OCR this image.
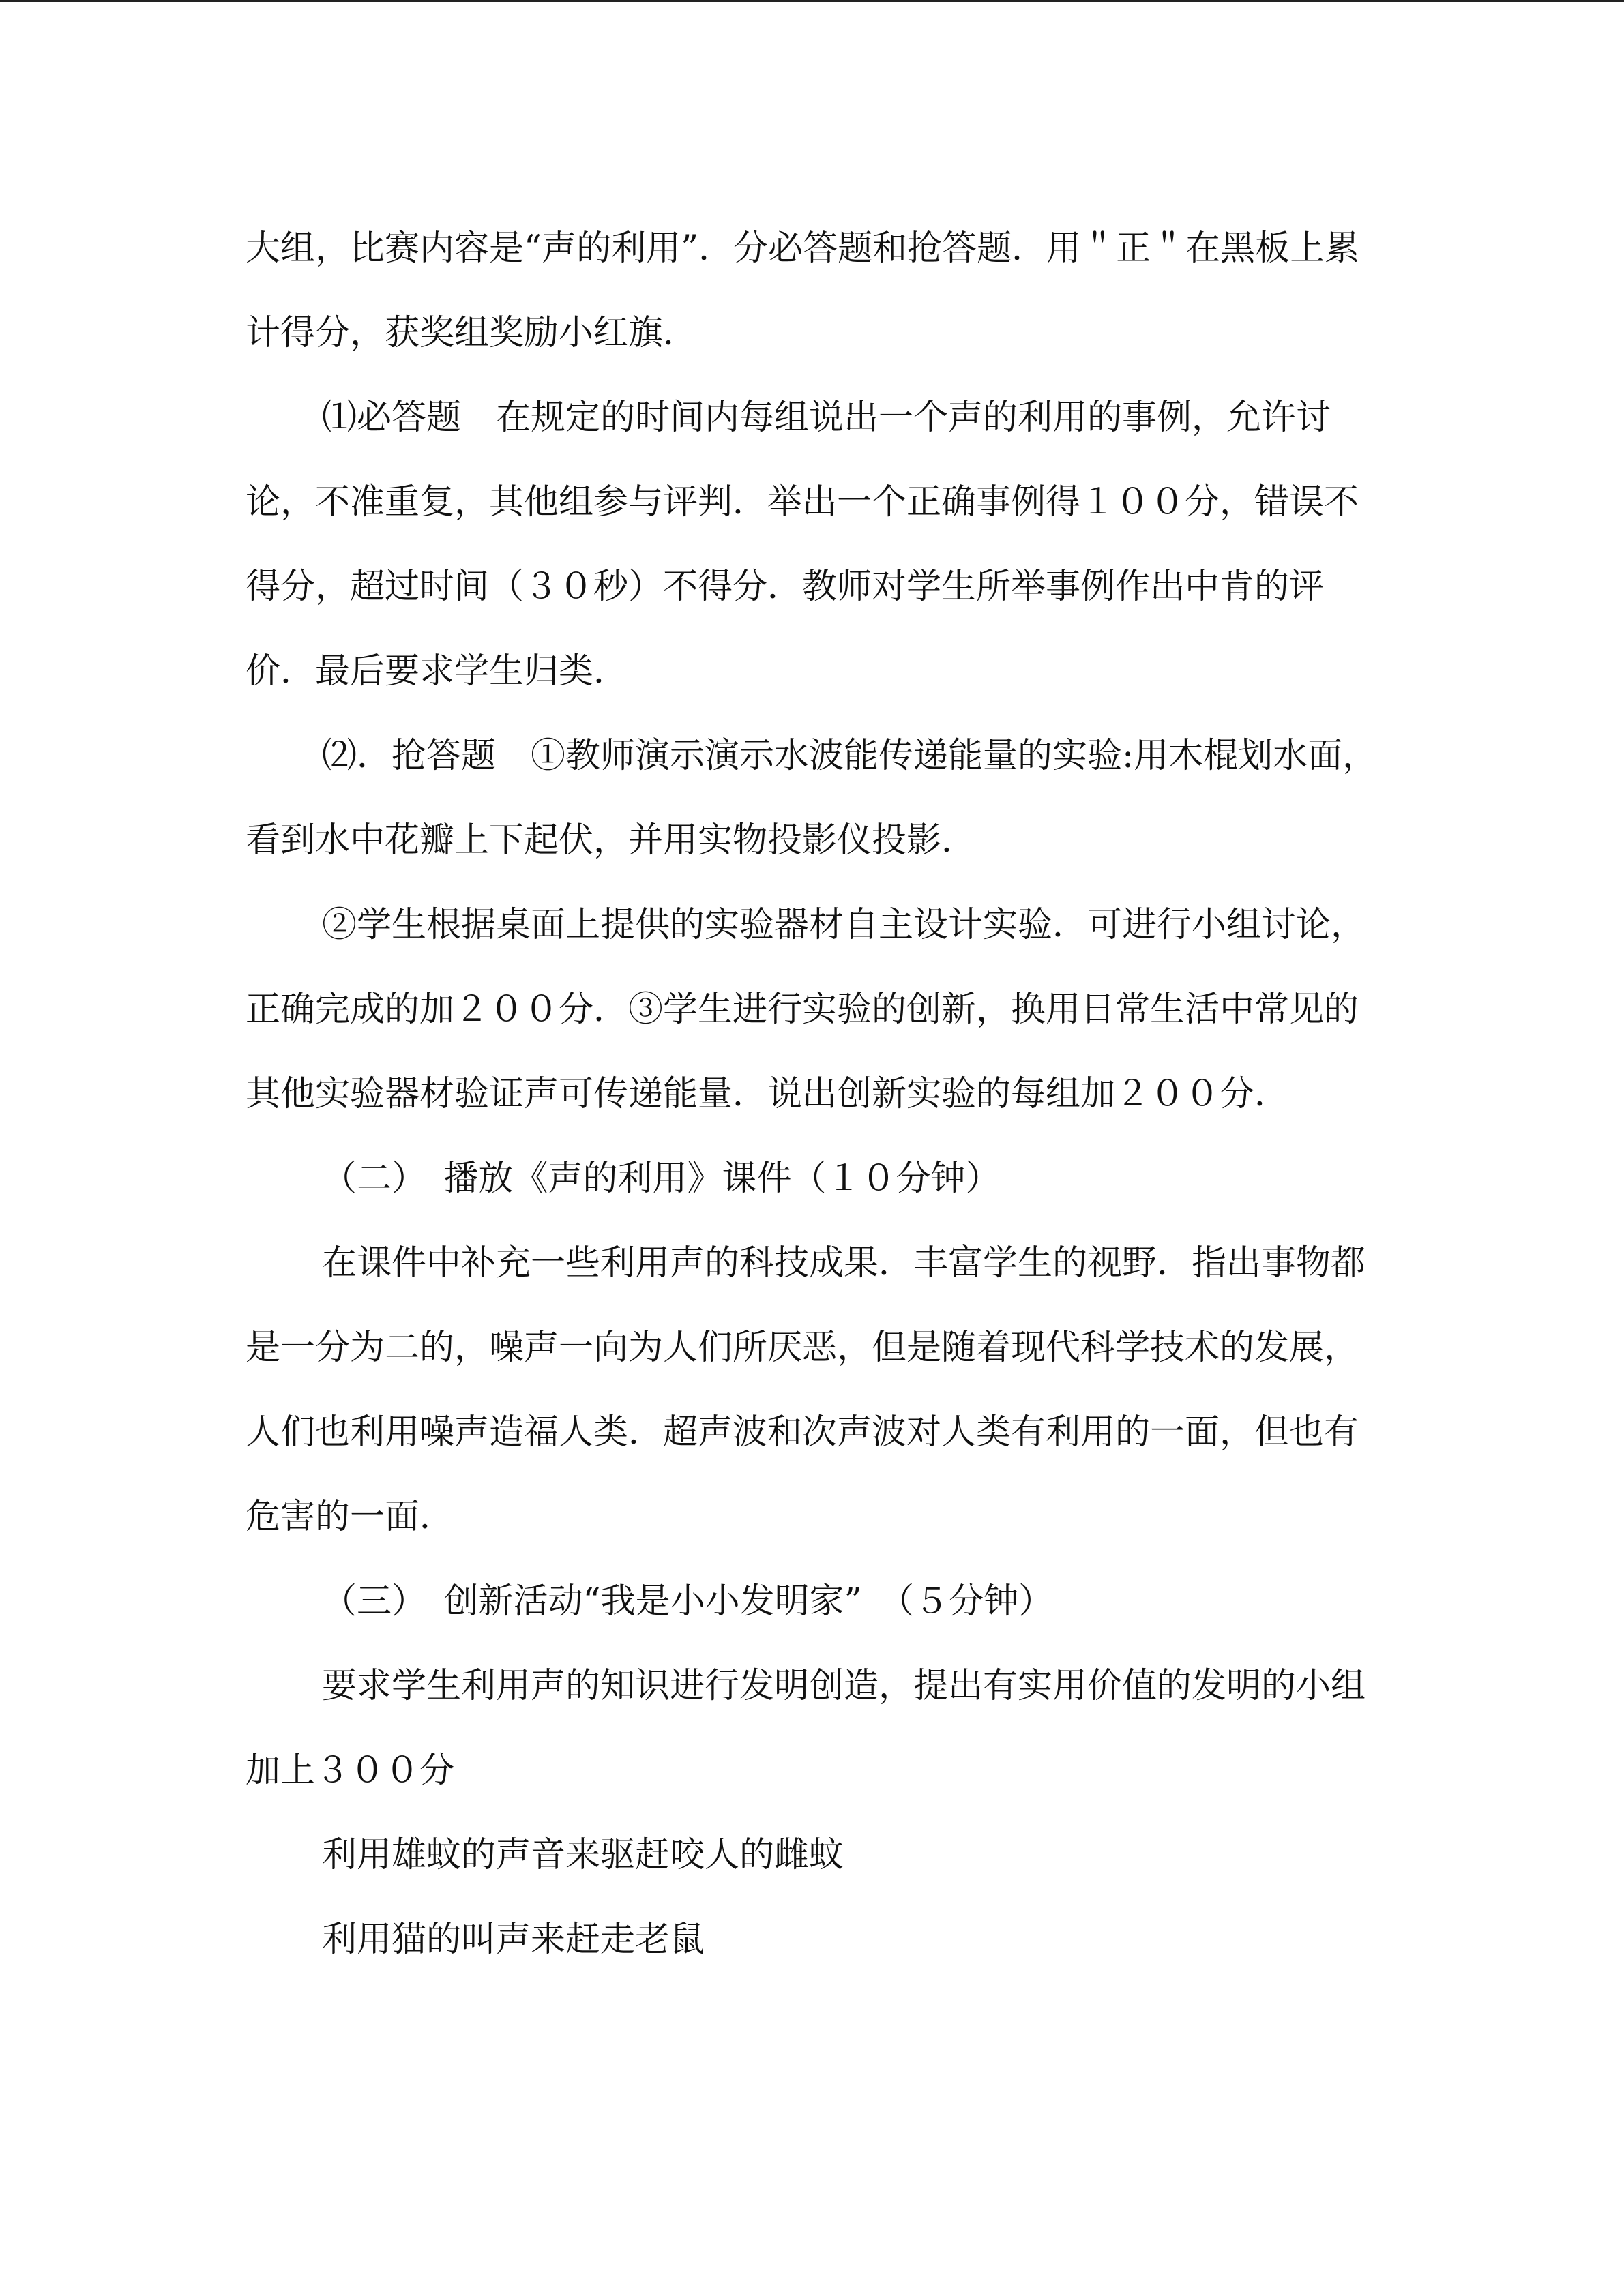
大组，比赛内容是“声的利用”．分必答题和抢答题．用＂正＂在黑板上累计得分，获奖组奖励小红旗．

⑴必答题　在规定的时间内每组说出一个声的利用的事例，允许讨论，不准重复，其他组参与评判．举出一个正确事例得１００分，错误不得分，超过时间（３０秒）不得分．教师对学生所举事例作出中肯的评价．最后要求学生归类．

⑵．抢答题　①教师演示演示水波能传递能量的实验:用木棍划水面，看到水中花瓣上下起伏，并用实物投影仪投影．

②学生根据桌面上提供的实验器材自主设计实验．可进行小组讨论，正确完成的加２００分．③学生进行实验的创新，换用日常生活中常见的其他实验器材验证声可传递能量．说出创新实验的每组加２００分．

（二）　播放《声的利用》课件（１０分钟）

在课件中补充一些利用声的科技成果．丰富学生的视野．指出事物都是一分为二的，噪声一向为人们所厌恶，但是随着现代科学技术的发展，人们也利用噪声造福人类．超声波和次声波对人类有利用的一面，但也有危害的一面．

（三）　创新活动“我是小小发明家”　（５分钟）

要求学生利用声的知识进行发明创造，提出有实用价值的发明的小组加上３００分

利用雄蚊的声音来驱赶咬人的雌蚊

利用猫的叫声来赶走老鼠
